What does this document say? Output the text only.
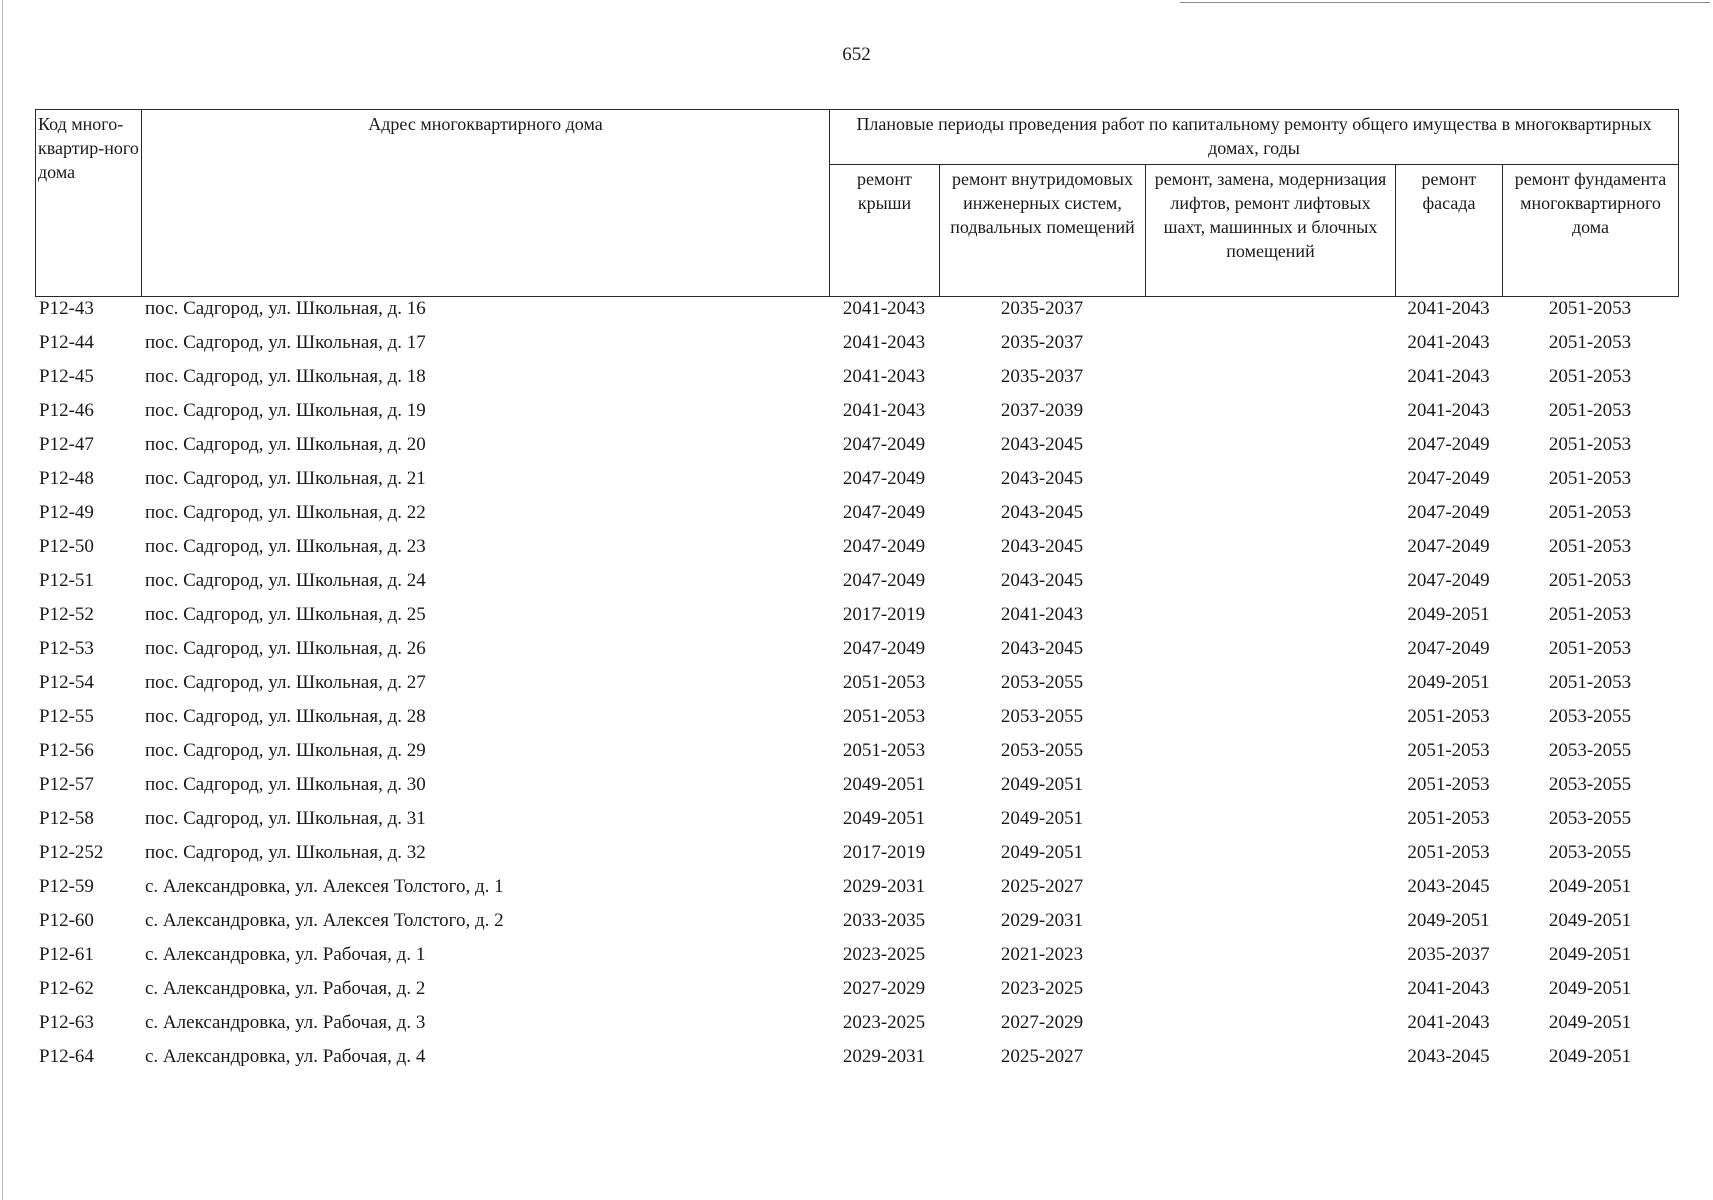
652
Код много-квартир-ного дома	Адрес многоквартирного дома	Плановые периоды проведения работ по капитальному ремонту общего имущества в многоквартирных домах, годы				
		ремонт крыши	ремонт внутридомовых инженерных систем, подвальных помещений	ремонт, замена, модернизация лифтов, ремонт лифтовых шахт, машинных и блочных помещений	ремонт фасада	ремонт фундамента многоквартирного дома
P12-43	пос. Садгород, ул. Школьная, д. 16	2041-2043	2035-2037		2041-2043	2051-2053
P12-44	пос. Садгород, ул. Школьная, д. 17	2041-2043	2035-2037		2041-2043	2051-2053
P12-45	пос. Садгород, ул. Школьная, д. 18	2041-2043	2035-2037		2041-2043	2051-2053
P12-46	пос. Садгород, ул. Школьная, д. 19	2041-2043	2037-2039		2041-2043	2051-2053
P12-47	пос. Садгород, ул. Школьная, д. 20	2047-2049	2043-2045		2047-2049	2051-2053
P12-48	пос. Садгород, ул. Школьная, д. 21	2047-2049	2043-2045		2047-2049	2051-2053
P12-49	пос. Садгород, ул. Школьная, д. 22	2047-2049	2043-2045		2047-2049	2051-2053
P12-50	пос. Садгород, ул. Школьная, д. 23	2047-2049	2043-2045		2047-2049	2051-2053
P12-51	пос. Садгород, ул. Школьная, д. 24	2047-2049	2043-2045		2047-2049	2051-2053
P12-52	пос. Садгород, ул. Школьная, д. 25	2017-2019	2041-2043		2049-2051	2051-2053
P12-53	пос. Садгород, ул. Школьная, д. 26	2047-2049	2043-2045		2047-2049	2051-2053
P12-54	пос. Садгород, ул. Школьная, д. 27	2051-2053	2053-2055		2049-2051	2051-2053
P12-55	пос. Садгород, ул. Школьная, д. 28	2051-2053	2053-2055		2051-2053	2053-2055
P12-56	пос. Садгород, ул. Школьная, д. 29	2051-2053	2053-2055		2051-2053	2053-2055
P12-57	пос. Садгород, ул. Школьная, д. 30	2049-2051	2049-2051		2051-2053	2053-2055
P12-58	пос. Садгород, ул. Школьная, д. 31	2049-2051	2049-2051		2051-2053	2053-2055
P12-252	пос. Садгород, ул. Школьная, д. 32	2017-2019	2049-2051		2051-2053	2053-2055
P12-59	с. Александровка, ул. Алексея Толстого, д. 1	2029-2031	2025-2027		2043-2045	2049-2051
P12-60	с. Александровка, ул. Алексея Толстого, д. 2	2033-2035	2029-2031		2049-2051	2049-2051
P12-61	с. Александровка, ул. Рабочая, д. 1	2023-2025	2021-2023		2035-2037	2049-2051
P12-62	с. Александровка, ул. Рабочая, д. 2	2027-2029	2023-2025		2041-2043	2049-2051
P12-63	с. Александровка, ул. Рабочая, д. 3	2023-2025	2027-2029		2041-2043	2049-2051
P12-64	с. Александровка, ул. Рабочая, д. 4	2029-2031	2025-2027		2043-2045	2049-2051
